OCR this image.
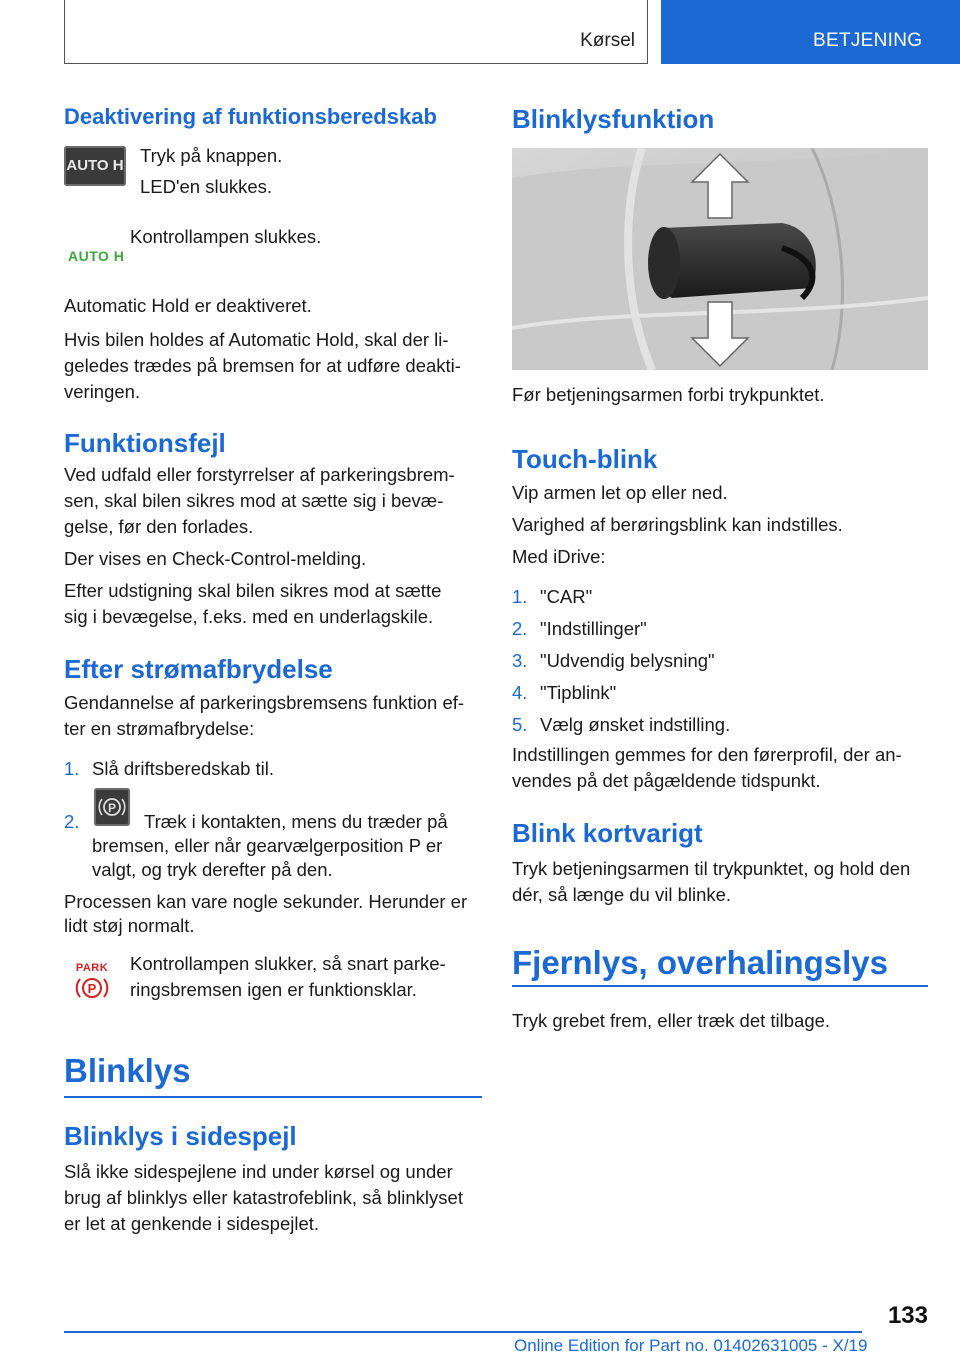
Kørsel	BETJENING
Deaktivering af funktionsberedskab
AUTO H Tryk på knappen.

LED'en slukkes.

AUTO H

Kontrollampen slukkes.

Automatic Hold er deaktiveret.

Hvis bilen holdes af Automatic Hold, skal der li-

geledes trædes på bremsen for at udføre deakti-

veringen.

Funktionsfejl

Ved udfald eller forstyrrelser af parkeringsbrem-

sen, skal bilen sikres mod at sætte sig i bevæ-

gelse, før den forlades.

Der vises en Check-Control-melding.

Efter udstigning skal bilen sikres mod at sætte

sig i bevægelse, f.eks. med en underlagskile.

Efter strømafbrydelse

Gendannelse af parkeringsbremsens funktion ef-

ter en strømafbrydelse:

1. Slå driftsberedskab til.
2.
P

Træk i kontakten, mens du træder på

bremsen, eller når gearvælgerposition P er

valgt, og tryk derefter på den.

Processen kan vare nogle sekunder. Herunder er

lidt støj normalt.

PARK
P

Kontrollampen slukker, så snart parke-

ringsbremsen igen er funktionsklar.

Blinklys
Blinklys i sidespejl

Slå ikke sidespejlene ind under kørsel og under

brug af blinklys eller katastrofeblink, så blinklyset

er let at genkende i sidespejlet.

Blinklysfunktion

Før betjeningsarmen forbi trykpunktet.

Touch-blink

Vip armen let op eller ned.

Varighed af berøringsblink kan indstilles.

Med iDrive:

1. "CAR"
2. "Indstillinger"
3. "Udvendig belysning"
4. "Tipblink"
5. Vælg ønsket indstilling.

Indstillingen gemmes for den førerprofil, der an-

vendes på det pågældende tidspunkt.

Blink kortvarigt

Tryk betjeningsarmen til trykpunktet, og hold den

dér, så længe du vil blinke.

Fjernlys, overhalingslys

Tryk grebet frem, eller træk det tilbage.

133
Online Edition for Part no. 01402631005 - X/19
